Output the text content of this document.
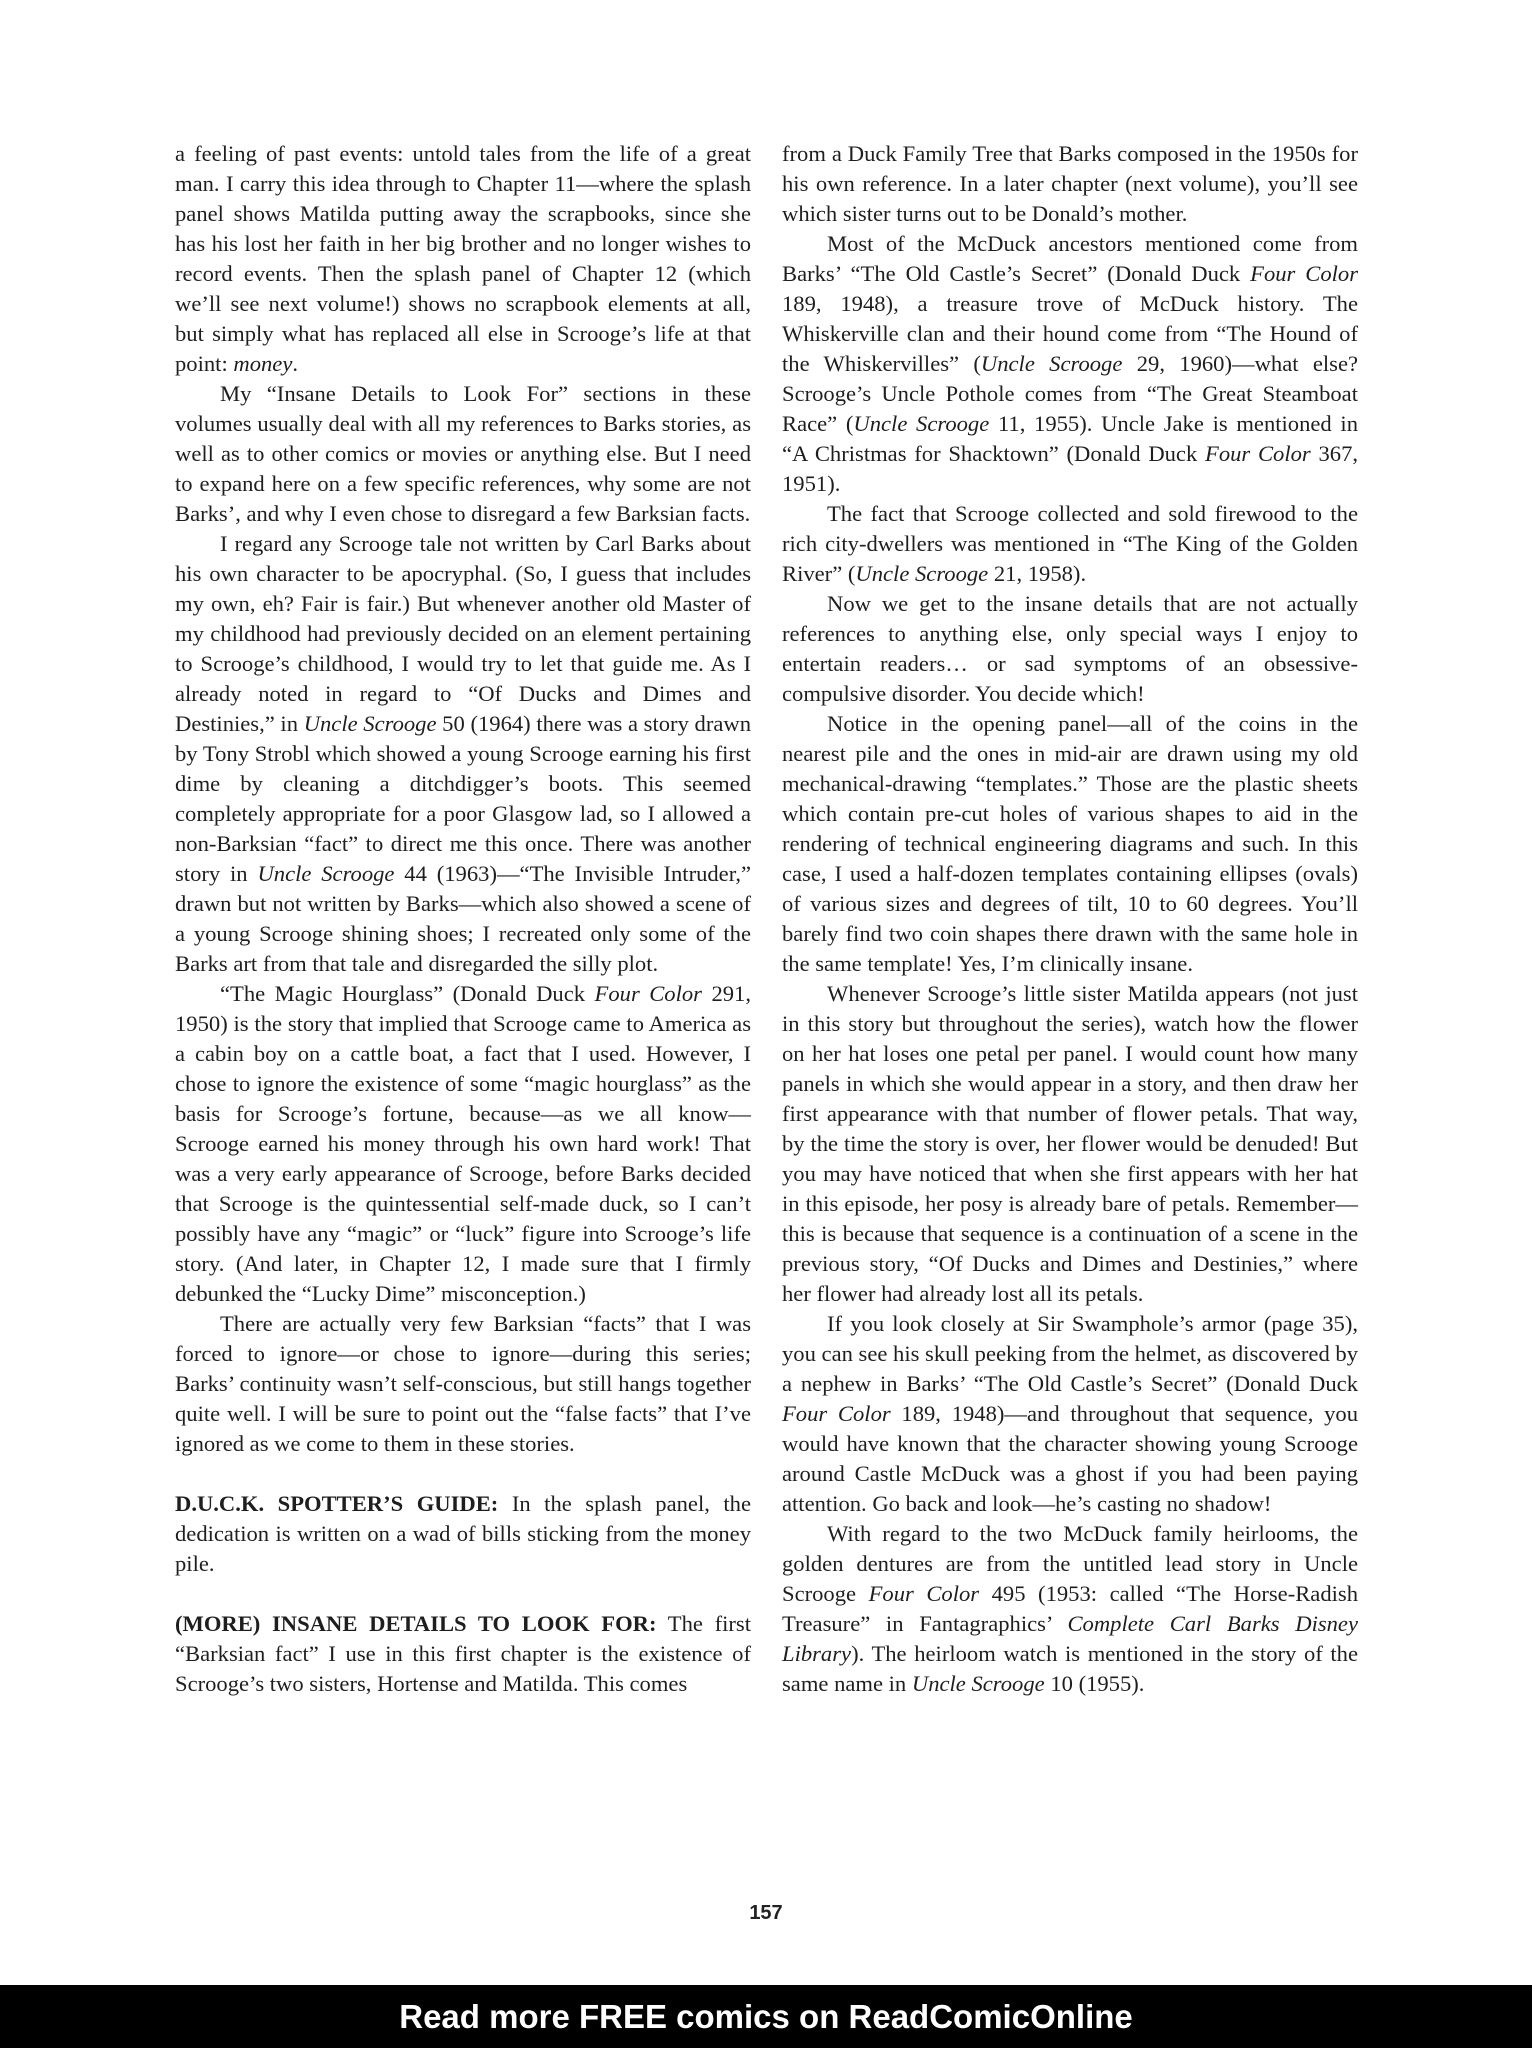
a feeling of past events: untold tales from the life of a great man. I carry this idea through to Chapter 11—where the splash panel shows Matilda putting away the scrapbooks, since she has his lost her faith in her big brother and no longer wishes to record events. Then the splash panel of Chapter 12 (which we’ll see next volume!) shows no scrapbook elements at all, but simply what has replaced all else in Scrooge’s life at that point: money.

My “Insane Details to Look For” sections in these volumes usually deal with all my references to Barks stories, as well as to other comics or movies or anything else. But I need to expand here on a few specific references, why some are not Barks’, and why I even chose to disregard a few Barksian facts.

I regard any Scrooge tale not written by Carl Barks about his own character to be apocryphal. (So, I guess that includes my own, eh? Fair is fair.) But whenever another old Master of my childhood had previously decided on an element pertaining to Scrooge’s childhood, I would try to let that guide me. As I already noted in regard to “Of Ducks and Dimes and Destinies,” in Uncle Scrooge 50 (1964) there was a story drawn by Tony Strobl which showed a young Scrooge earning his first dime by cleaning a ditchdigger’s boots. This seemed completely appropriate for a poor Glasgow lad, so I allowed a non-Barksian “fact” to direct me this once. There was another story in Uncle Scrooge 44 (1963)—“The Invisible Intruder,” drawn but not written by Barks—which also showed a scene of a young Scrooge shining shoes; I recreated only some of the Barks art from that tale and disregarded the silly plot.

“The Magic Hourglass” (Donald Duck Four Color 291, 1950) is the story that implied that Scrooge came to America as a cabin boy on a cattle boat, a fact that I used. However, I chose to ignore the existence of some “magic hourglass” as the basis for Scrooge’s fortune, because—as we all know—Scrooge earned his money through his own hard work! That was a very early appearance of Scrooge, before Barks decided that Scrooge is the quintessential self-made duck, so I can’t possibly have any “magic” or “luck” figure into Scrooge’s life story. (And later, in Chapter 12, I made sure that I firmly debunked the “Lucky Dime” misconception.)

There are actually very few Barksian “facts” that I was forced to ignore—or chose to ignore—during this series; Barks’ continuity wasn’t self-conscious, but still hangs together quite well. I will be sure to point out the “false facts” that I’ve ignored as we come to them in these stories.

D.U.C.K. SPOTTER’S GUIDE: In the splash panel, the dedication is written on a wad of bills sticking from the money pile.

(MORE) INSANE DETAILS TO LOOK FOR: The first “Barksian fact” I use in this first chapter is the existence of Scrooge’s two sisters, Hortense and Matilda. This comes

from a Duck Family Tree that Barks composed in the 1950s for his own reference. In a later chapter (next volume), you’ll see which sister turns out to be Donald’s mother.

Most of the McDuck ancestors mentioned come from Barks’ “The Old Castle’s Secret” (Donald Duck Four Color 189, 1948), a treasure trove of McDuck history. The Whiskerville clan and their hound come from “The Hound of the Whiskervilles” (Uncle Scrooge 29, 1960)—what else? Scrooge’s Uncle Pothole comes from “The Great Steamboat Race” (Uncle Scrooge 11, 1955). Uncle Jake is mentioned in “A Christmas for Shacktown” (Donald Duck Four Color 367, 1951).

The fact that Scrooge collected and sold firewood to the rich city-dwellers was mentioned in “The King of the Golden River” (Uncle Scrooge 21, 1958).

Now we get to the insane details that are not actually references to anything else, only special ways I enjoy to entertain readers… or sad symptoms of an obsessive-compulsive disorder. You decide which!

Notice in the opening panel—all of the coins in the nearest pile and the ones in mid-air are drawn using my old mechanical-drawing “templates.” Those are the plastic sheets which contain pre-cut holes of various shapes to aid in the rendering of technical engineering diagrams and such. In this case, I used a half-dozen templates containing ellipses (ovals) of various sizes and degrees of tilt, 10 to 60 degrees. You’ll barely find two coin shapes there drawn with the same hole in the same template! Yes, I’m clinically insane.

Whenever Scrooge’s little sister Matilda appears (not just in this story but throughout the series), watch how the flower on her hat loses one petal per panel. I would count how many panels in which she would appear in a story, and then draw her first appearance with that number of flower petals. That way, by the time the story is over, her flower would be denuded! But you may have noticed that when she first appears with her hat in this episode, her posy is already bare of petals. Remember—this is because that sequence is a continuation of a scene in the previous story, “Of Ducks and Dimes and Destinies,” where her flower had already lost all its petals.

If you look closely at Sir Swamphole’s armor (page 35), you can see his skull peeking from the helmet, as discovered by a nephew in Barks’ “The Old Castle’s Secret” (Donald Duck Four Color 189, 1948)—and throughout that sequence, you would have known that the character showing young Scrooge around Castle McDuck was a ghost if you had been paying attention. Go back and look—he’s casting no shadow!

With regard to the two McDuck family heirlooms, the golden dentures are from the untitled lead story in Uncle Scrooge Four Color 495 (1953: called “The Horse-Radish Treasure” in Fantagraphics’ Complete Carl Barks Disney Library). The heirloom watch is mentioned in the story of the same name in Uncle Scrooge 10 (1955).

157
Read more FREE comics on ReadComicOnline
